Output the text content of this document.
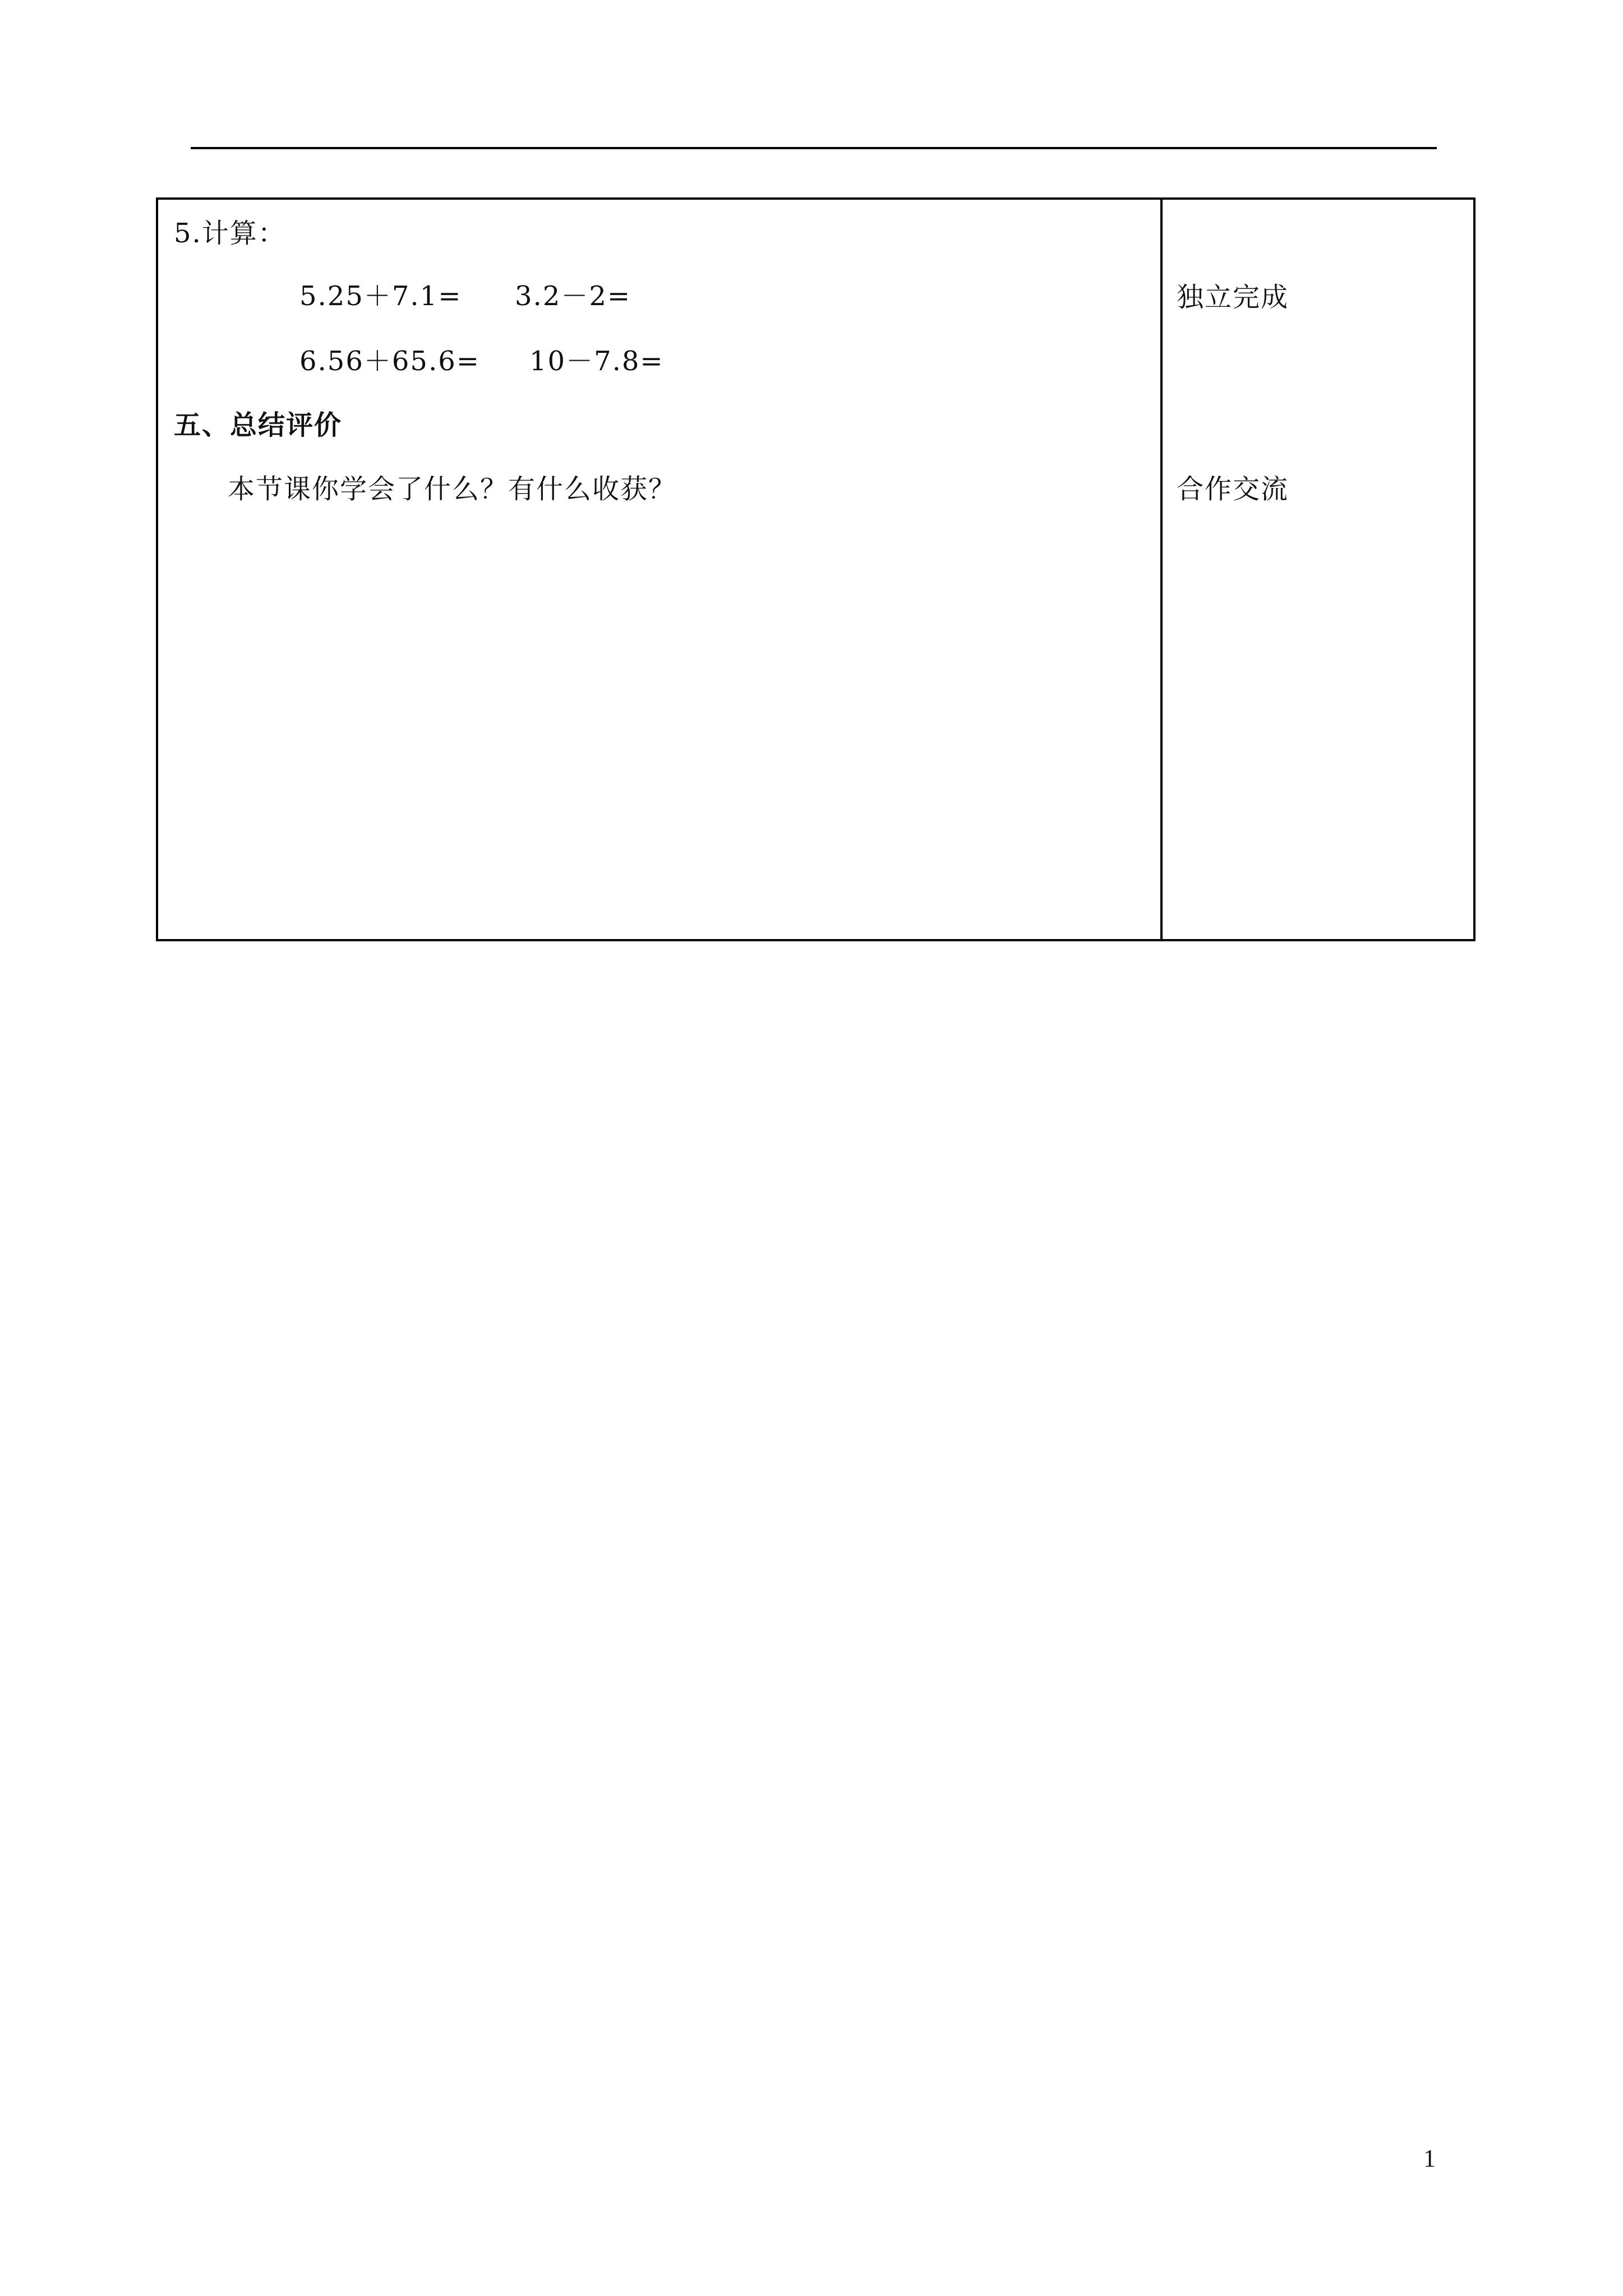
5.计算：
5.25＋7.1= 3.2－2=
6.56＋65.6= 10－7.8=
五、总结评价
本节课你学会了什么？有什么收获？
独立完成
合作交流
1
